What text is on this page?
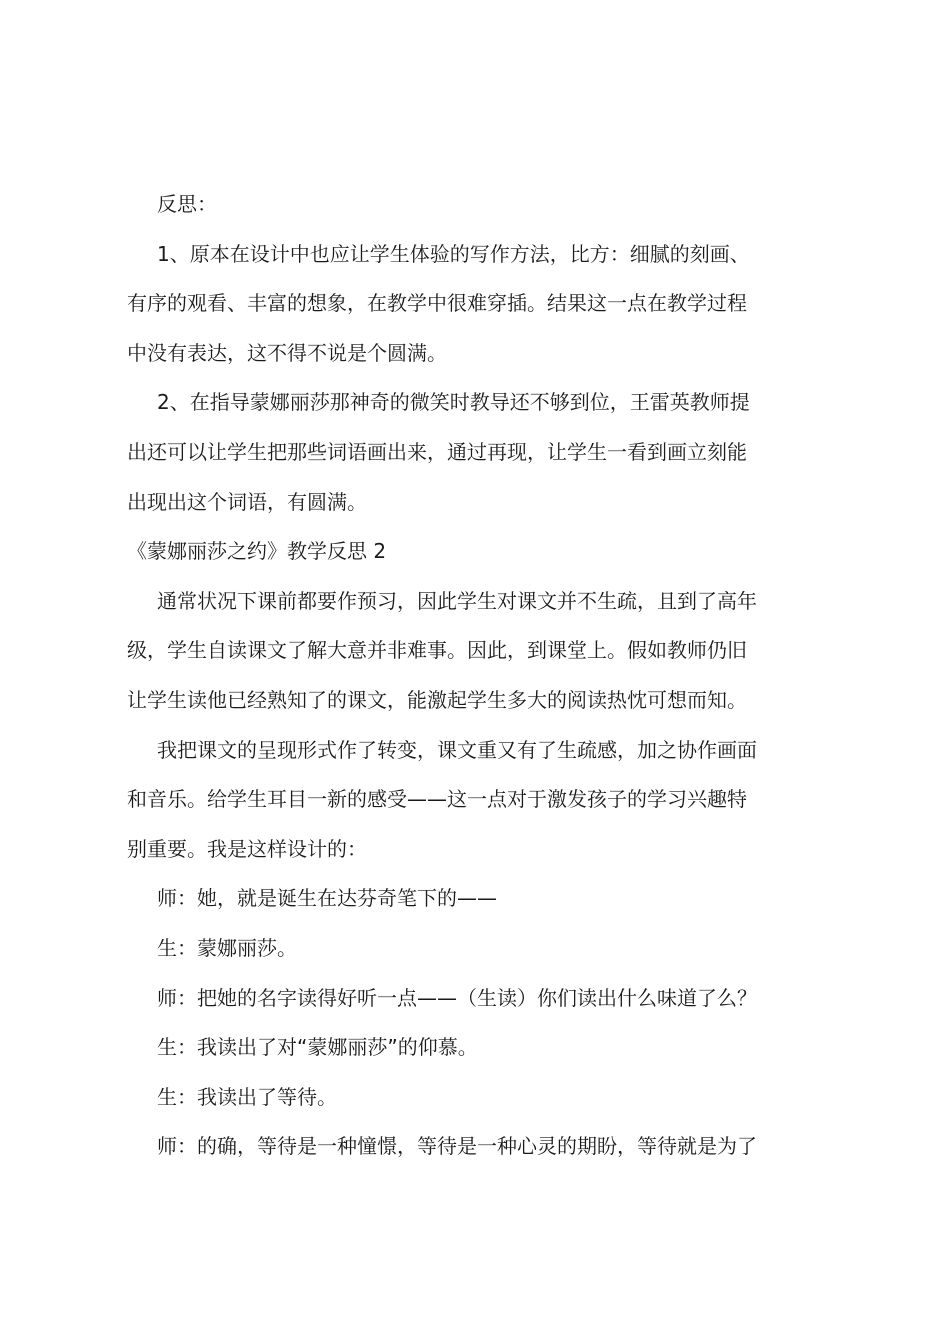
反思：

1、原本在设计中也应让学生体验的写作方法，比方：细腻的刻画、

有序的观看、丰富的想象，在教学中很难穿插。结果这一点在教学过程

中没有表达，这不得不说是个圆满。

2、在指导蒙娜丽莎那神奇的微笑时教导还不够到位，王雷英教师提

出还可以让学生把那些词语画出来，通过再现，让学生一看到画立刻能

出现出这个词语，有圆满。

《蒙娜丽莎之约》教学反思 2

通常状况下课前都要作预习，因此学生对课文并不生疏，且到了高年

级，学生自读课文了解大意并非难事。因此，到课堂上。假如教师仍旧

让学生读他已经熟知了的课文，能激起学生多大的阅读热忱可想而知。

我把课文的呈现形式作了转变，课文重又有了生疏感，加之协作画面

和音乐。给学生耳目一新的感受——这一点对于激发孩子的学习兴趣特

别重要。我是这样设计的：

师：她，就是诞生在达芬奇笔下的——

生：蒙娜丽莎。

师：把她的名字读得好听一点——（生读）你们读出什么味道了么？

生：我读出了对“蒙娜丽莎”的仰慕。

生：我读出了等待。

师：的确，等待是一种憧憬，等待是一种心灵的期盼，等待就是为了
